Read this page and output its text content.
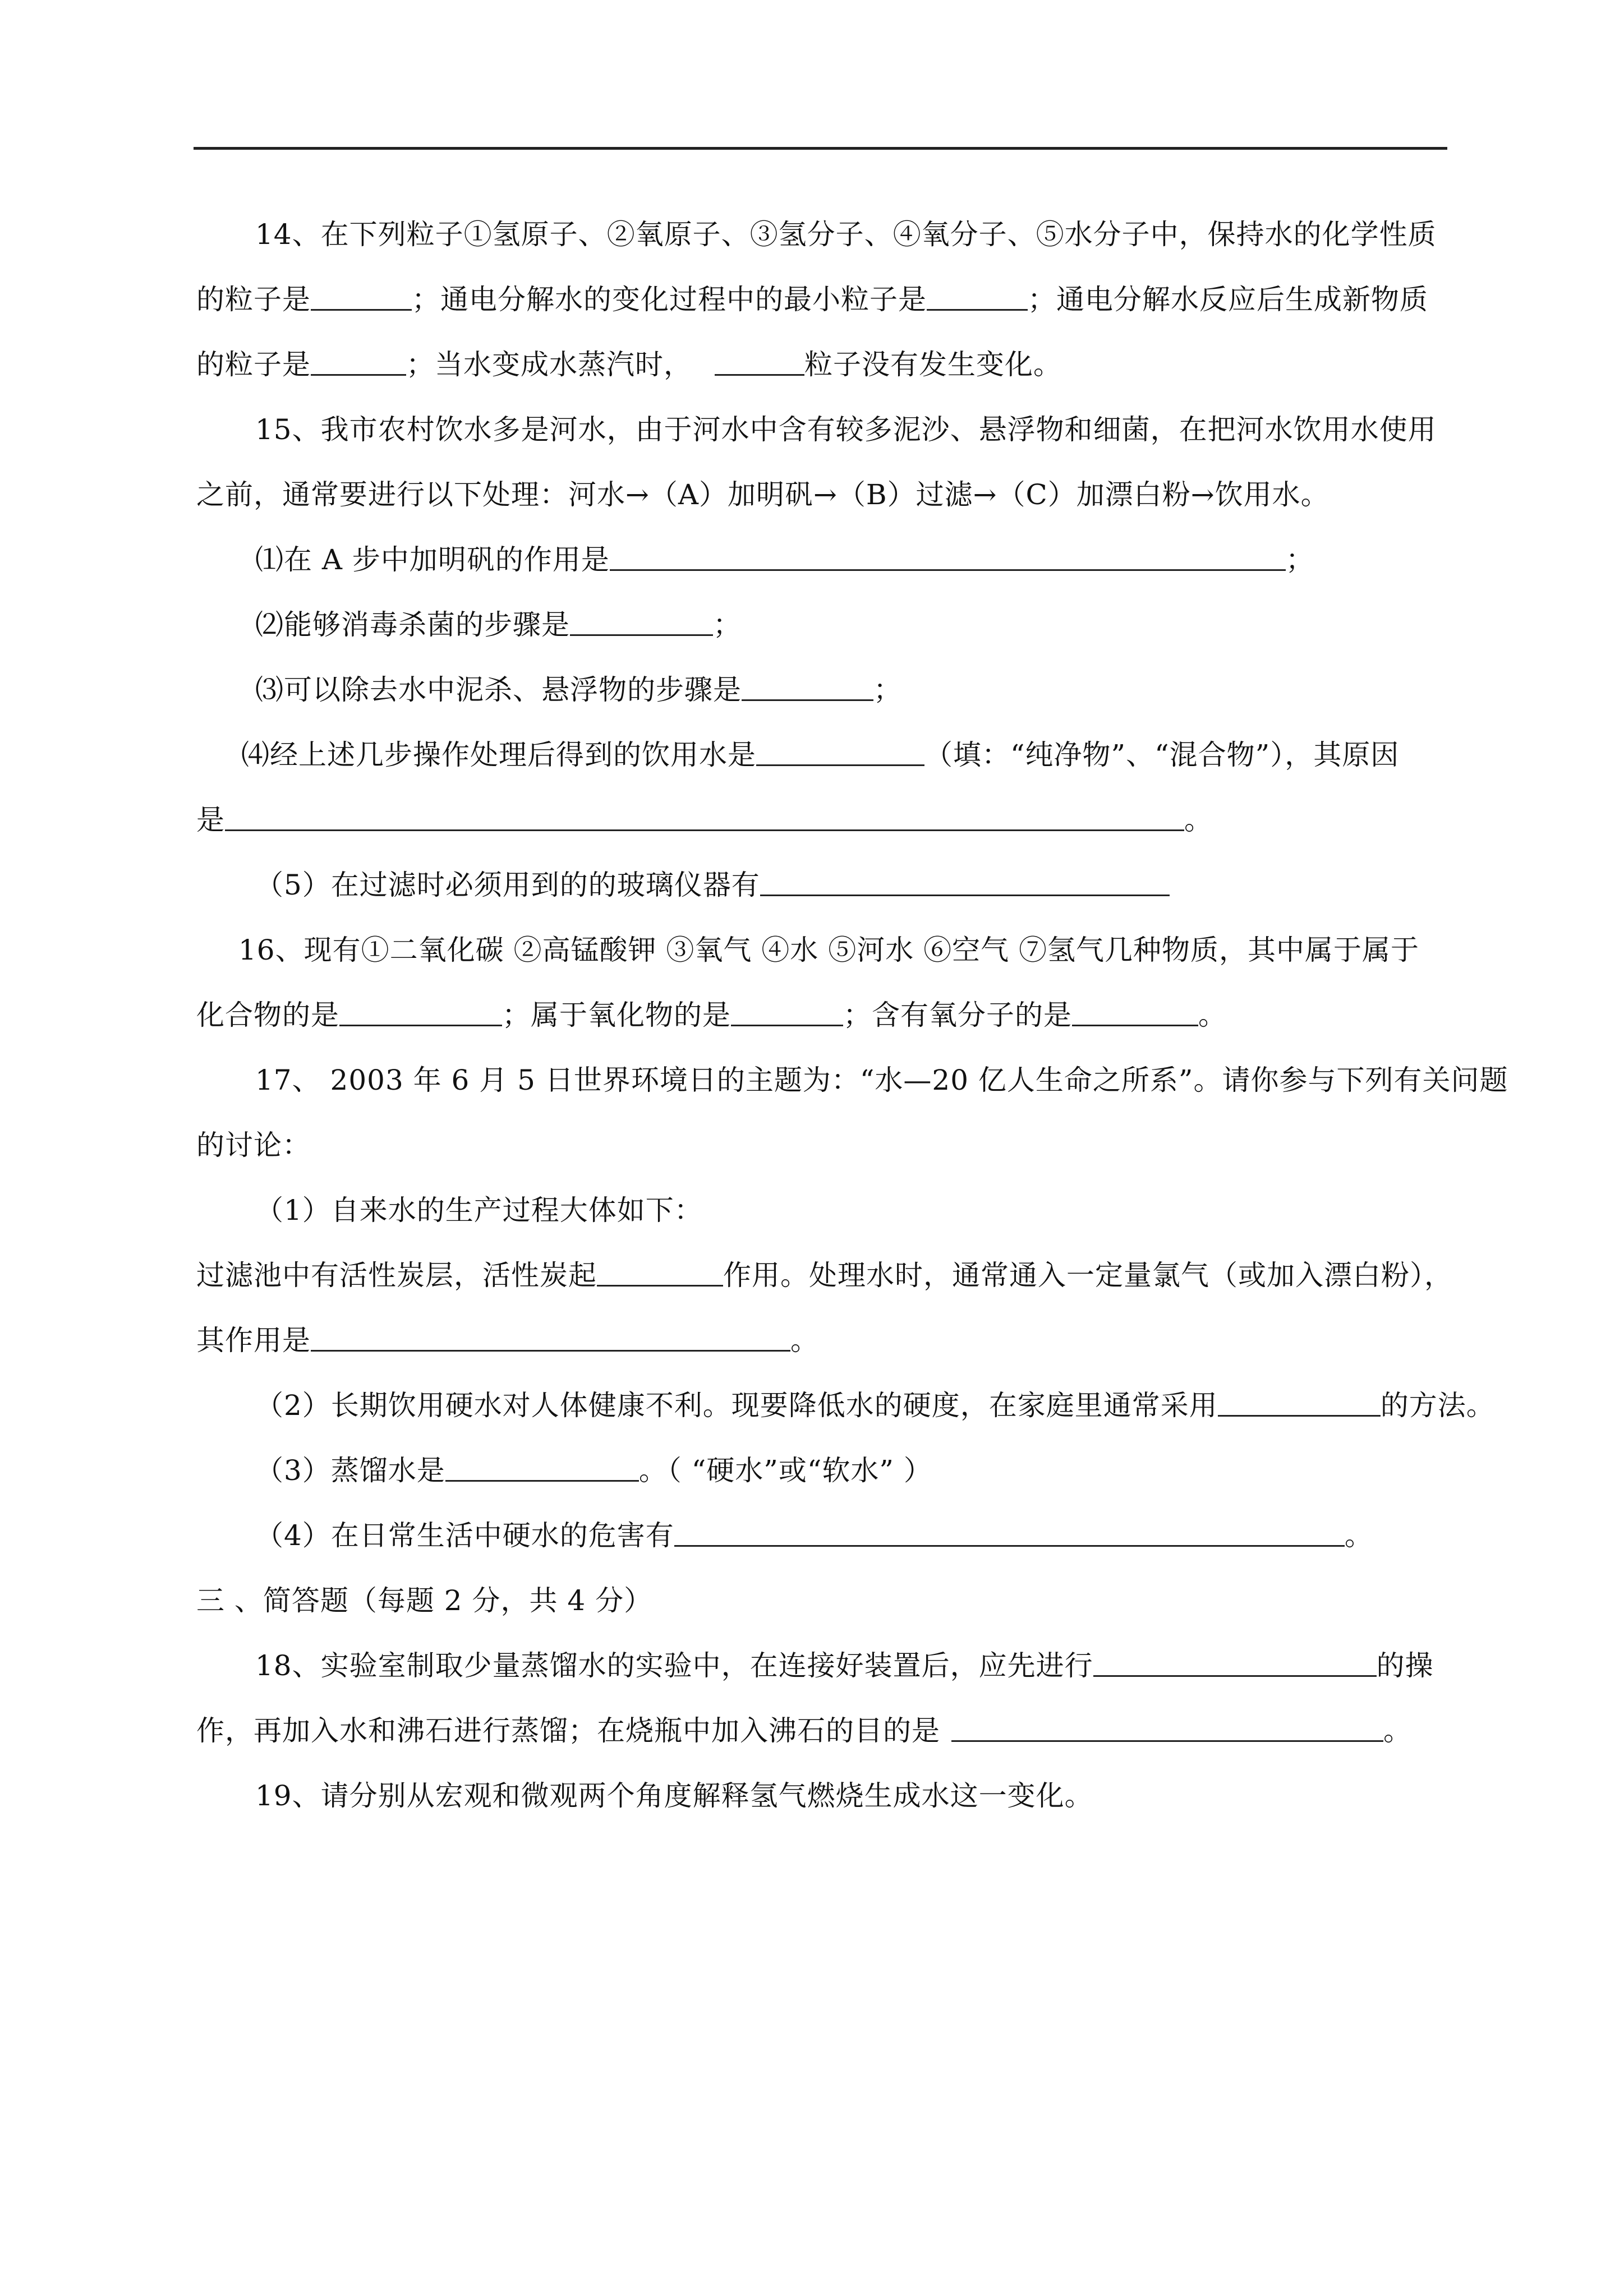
14、在下列粒子①氢原子、②氧原子、③氢分子、④氧分子、⑤水分子中，保持水的化学性质
的粒子是	；通电分解水的变化过程中的最小粒子是	；通电分解水反应后生成新物质
的粒子是	；当水变成水蒸汽时，	粒子没有发生变化。
15、我市农村饮水多是河水，由于河水中含有较多泥沙、悬浮物和细菌，在把河水饮用水使用
之前，通常要进行以下处理：河水→（A）加明矾→（B）过滤→（C）加漂白粉→饮用水。
⑴在 A 步中加明矾的作用是	；
⑵能够消毒杀菌的步骤是	；
⑶可以除去水中泥杀、悬浮物的步骤是	；
⑷经上述几步操作处理后得到的饮用水是	（填：“纯净物”、“混合物”），其原因
是	。
（5）在过滤时必须用到的的玻璃仪器有
16、现有①二氧化碳 ②高锰酸钾 ③氧气 ④水 ⑤河水 ⑥空气 ⑦氢气几种物质，其中属于属于
化合物的是	；属于氧化物的是	；含有氧分子的是	。
17、 2003 年 6 月 5 日世界环境日的主题为：“水—20 亿人生命之所系”。请你参与下列有关问题
的讨论：
（1）自来水的生产过程大体如下：
过滤池中有活性炭层，活性炭起	作用。处理水时，通常通入一定量氯气（或加入漂白粉），
其作用是	。
（2）长期饮用硬水对人体健康不利。现要降低水的硬度，在家庭里通常采用	的方法。
（3）蒸馏水是	。（ “硬水”或“软水” ）
（4）在日常生活中硬水的危害有	。
三 、简答题（每题 2 分，共 4 分）
18、实验室制取少量蒸馏水的实验中，在连接好装置后，应先进行	的操
作，再加入水和沸石进行蒸馏；在烧瓶中加入沸石的目的是	。
19、请分别从宏观和微观两个角度解释氢气燃烧生成水这一变化。
